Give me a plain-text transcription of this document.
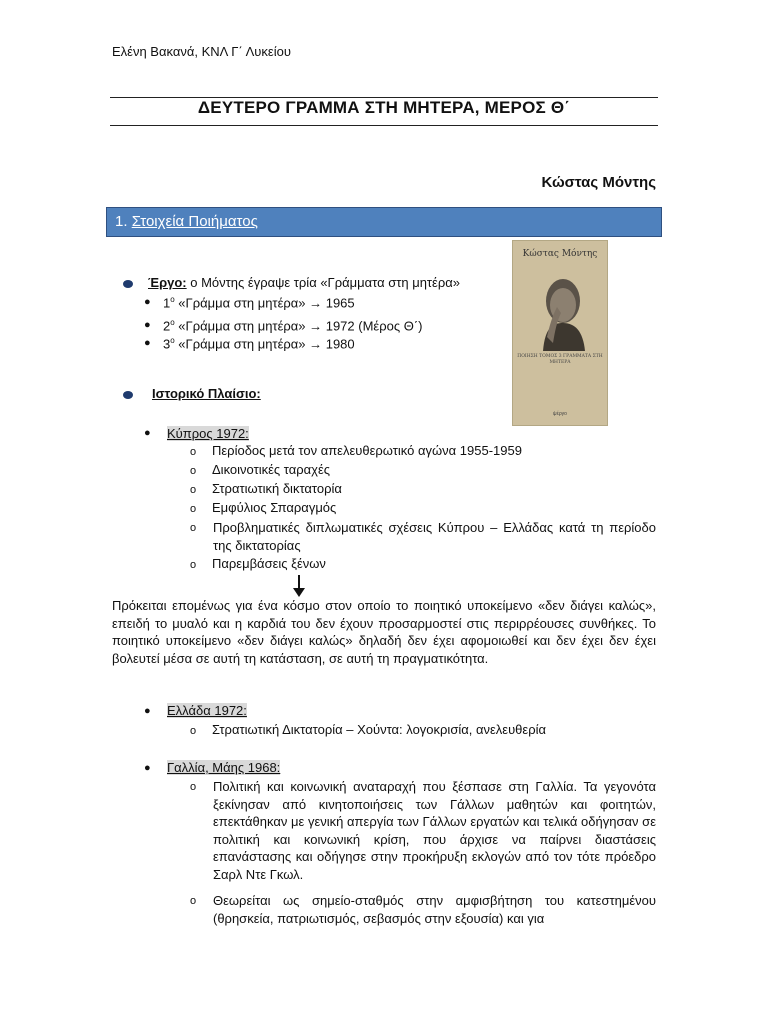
Ελένη Βακανά, ΚΝΛ Γ΄ Λυκείου
ΔΕΥΤΕΡΟ ΓΡΑΜΜΑ ΣΤΗ ΜΗΤΕΡΑ, ΜΕΡΟΣ Θ΄
Κώστας Μόντης
1. Στοιχεία Ποιήματος
Κώστας Μόντης
ΠΟΙΗΣΗ ΤΟΜΟΣ 3 ΓΡΑΜΜΑΤΑ ΣΤΗ ΜΗΤΕΡΑ
ψέργο
Έργο: ο Μόντης έγραψε τρία «Γράμματα στη μητέρα»
● $1^o$ «Γράμμα στη μητέρα» → 1965
● $2^o$ «Γράμμα στη μητέρα» → 1972 (Μέρος Θ΄)
● $3^o$ «Γράμμα στη μητέρα» → 1980
Ιστορικό Πλαίσιο:
● Κύπρος 1972:
o Περίοδος μετά τον απελευθερωτικό αγώνα 1955-1959
o Δικοινοτικές ταραχές
o Στρατιωτική δικτατορία
o Εμφύλιος Σπαραγμός
o Προβληματικές διπλωματικές σχέσεις Κύπρου – Ελλάδας κατά τη περίοδο της δικτατορίας
o Παρεμβάσεις ξένων
Πρόκειται επομένως για ένα κόσμο στον οποίο το ποιητικό υποκείμενο «δεν διάγει καλώς», επειδή το μυαλό και η καρδιά του δεν έχουν προσαρμοστεί στις περιρρέουσες συνθήκες. Το ποιητικό υποκείμενο «δεν διάγει καλώς» δηλαδή δεν έχει αφομοιωθεί και δεν έχει δεν έχει βολευτεί μέσα σε αυτή τη κατάσταση, σε αυτή τη πραγματικότητα.
● Ελλάδα 1972:
o Στρατιωτική Δικτατορία – Χούντα: λογοκρισία, ανελευθερία
● Γαλλία, Μάης 1968:
o Πολιτική και κοινωνική αναταραχή που ξέσπασε στη Γαλλία. Τα γεγονότα ξεκίνησαν από κινητοποιήσεις των Γάλλων μαθητών και φοιτητών, επεκτάθηκαν με γενική απεργία των Γάλλων εργατών και τελικά οδήγησαν σε πολιτική και κοινωνική κρίση, που άρχισε να παίρνει διαστάσεις επανάστασης και οδήγησε στην προκήρυξη εκλογών από τον τότε πρόεδρο Σαρλ Ντε Γκωλ.
o Θεωρείται ως σημείο-σταθμός στην αμφισβήτηση του κατεστημένου (θρησκεία, πατριωτισμός, σεβασμός στην εξουσία) και για
